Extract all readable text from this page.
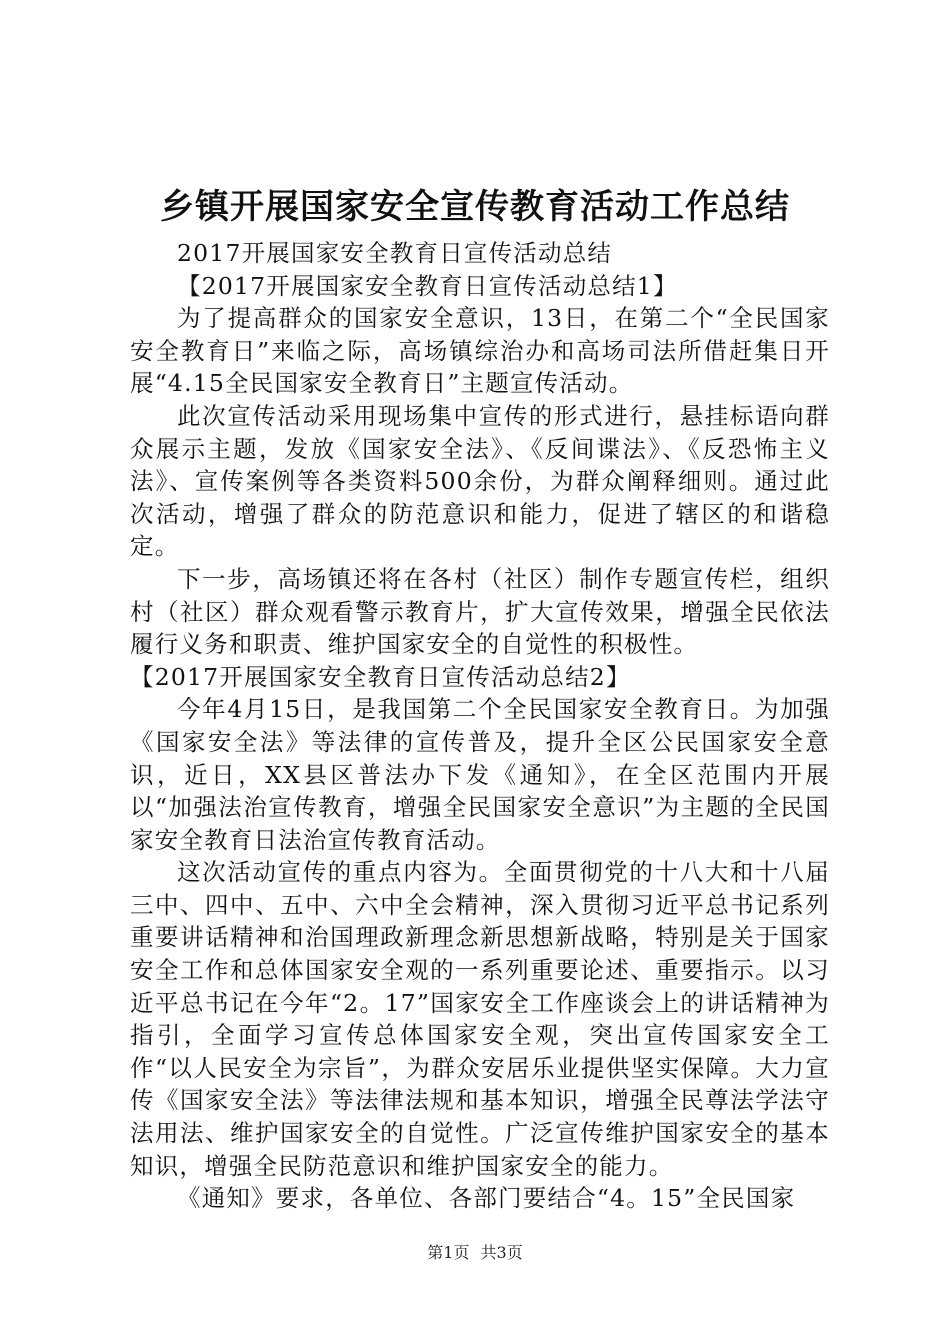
乡镇开展国家安全宣传教育活动工作总结

2017开展国家安全教育日宣传活动总结

【2017开展国家安全教育日宣传活动总结1】

为了提高群众的国家安全意识，13日，在第二个“全民国家安全教育日”来临之际，高场镇综治办和高场司法所借赶集日开展“4.15全民国家安全教育日”主题宣传活动。

此次宣传活动采用现场集中宣传的形式进行，悬挂标语向群众展示主题，发放《国家安全法》、《反间谍法》、《反恐怖主义法》、宣传案例等各类资料500余份，为群众阐释细则。通过此次活动，增强了群众的防范意识和能力，促进了辖区的和谐稳定。

下一步，高场镇还将在各村（社区）制作专题宣传栏，组织村（社区）群众观看警示教育片，扩大宣传效果，增强全民依法履行义务和职责、维护国家安全的自觉性的积极性。

【2017开展国家安全教育日宣传活动总结2】

今年4月15日，是我国第二个全民国家安全教育日。为加强《国家安全法》等法律的宣传普及，提升全区公民国家安全意识，近日，XX县区普法办下发《通知》，在全区范围内开展以“加强法治宣传教育，增强全民国家安全意识”为主题的全民国家安全教育日法治宣传教育活动。

这次活动宣传的重点内容为。全面贯彻党的十八大和十八届三中、四中、五中、六中全会精神，深入贯彻习近平总书记系列重要讲话精神和治国理政新理念新思想新战略，特别是关于国家安全工作和总体国家安全观的一系列重要论述、重要指示。以习近平总书记在今年“2。17”国家安全工作座谈会上的讲话精神为指引，全面学习宣传总体国家安全观，突出宣传国家安全工作“以人民安全为宗旨”，为群众安居乐业提供坚实保障。大力宣传《国家安全法》等法律法规和基本知识，增强全民尊法学法守法用法、维护国家安全的自觉性。广泛宣传维护国家安全的基本知识，增强全民防范意识和维护国家安全的能力。

《通知》要求，各单位、各部门要结合“4。15”全民国家

第1页 共3页
